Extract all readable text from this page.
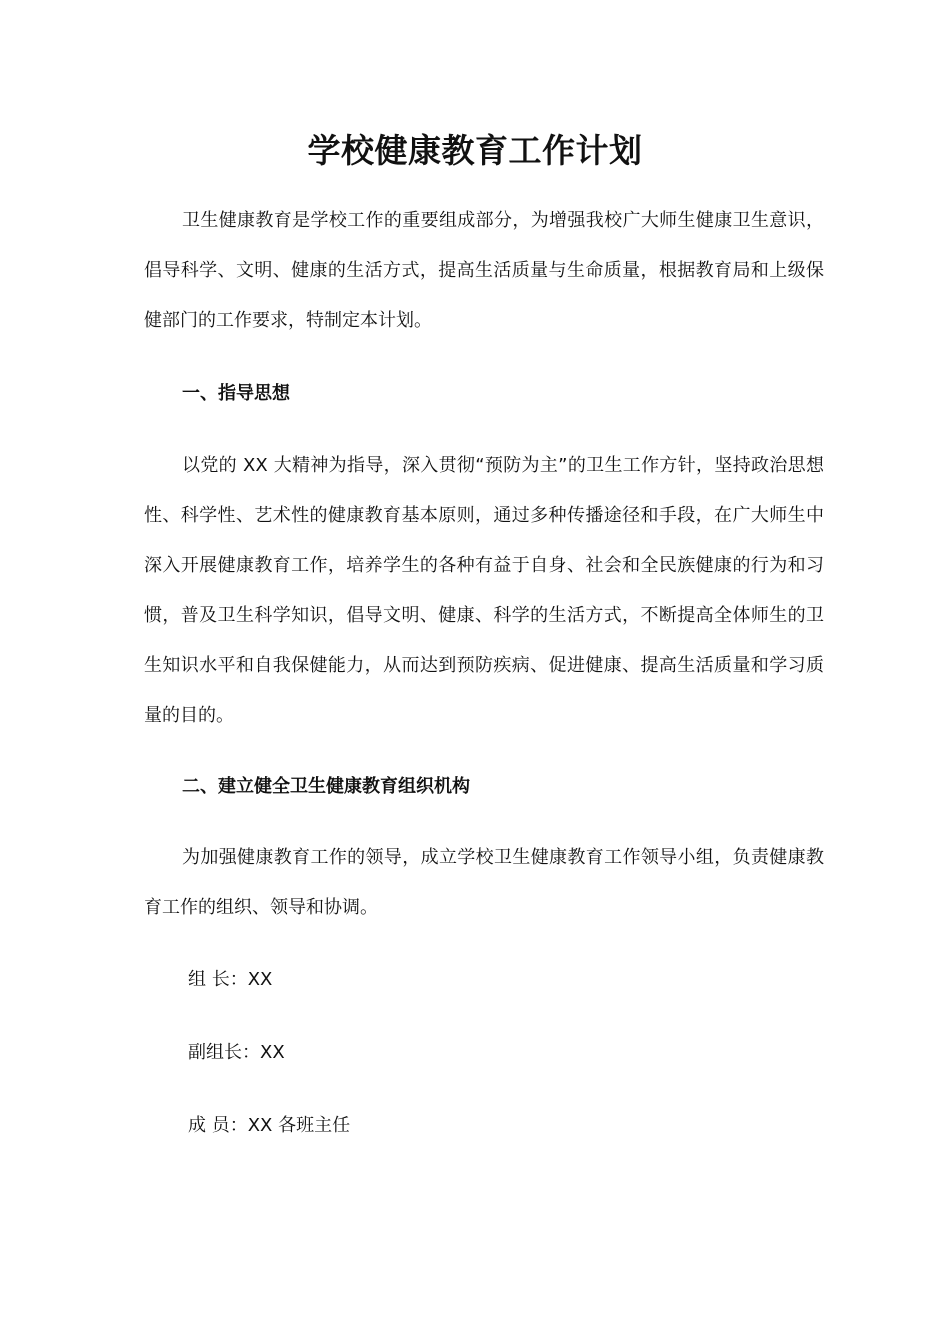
学校健康教育工作计划

卫生健康教育是学校工作的重要组成部分，为增强我校广大师生健康卫生意识，倡导科学、文明、健康的生活方式，提高生活质量与生命质量，根据教育局和上级保健部门的工作要求，特制定本计划。

一、指导思想

以党的 XX 大精神为指导，深入贯彻“预防为主”的卫生工作方针，坚持政治思想性、科学性、艺术性的健康教育基本原则，通过多种传播途径和手段，在广大师生中深入开展健康教育工作，培养学生的各种有益于自身、社会和全民族健康的行为和习惯，普及卫生科学知识，倡导文明、健康、科学的生活方式，不断提高全体师生的卫生知识水平和自我保健能力，从而达到预防疾病、促进健康、提高生活质量和学习质量的目的。

二、建立健全卫生健康教育组织机构

为加强健康教育工作的领导，成立学校卫生健康教育工作领导小组，负责健康教育工作的组织、领导和协调。

组 长：XX

副组长：XX

成 员：XX 各班主任
